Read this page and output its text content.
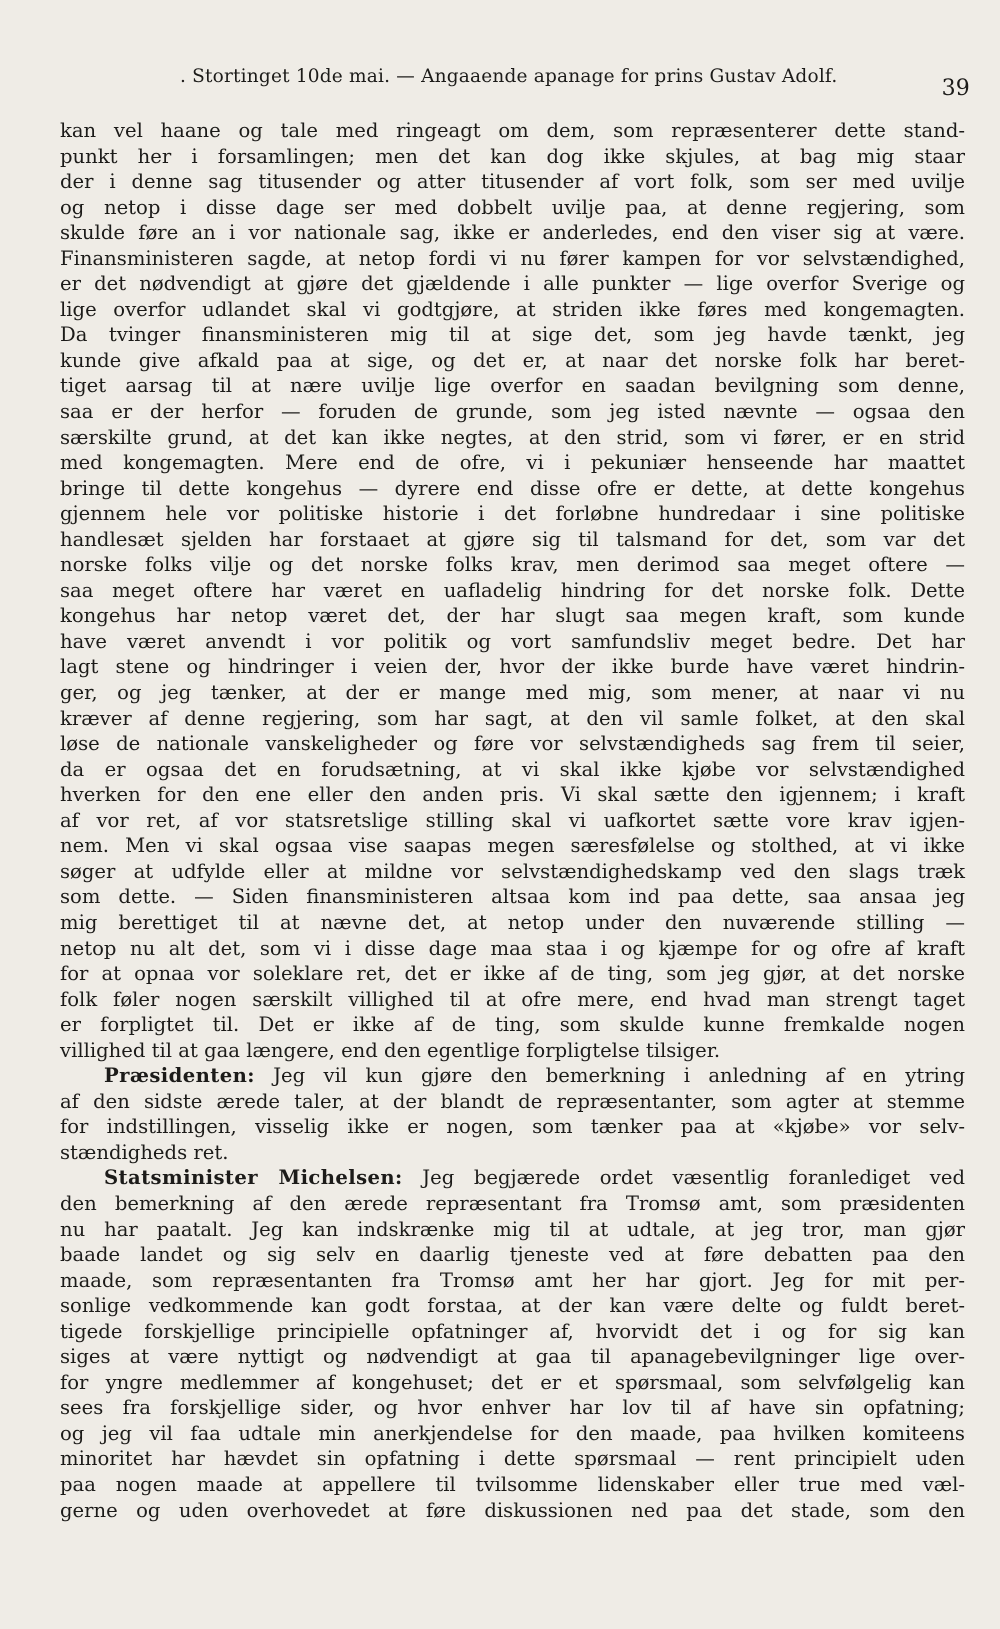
. Stortinget 10de mai. — Angaaende apanage for prins Gustav Adolf.	39
kan vel haane og tale med ringeagt om dem, som repræsenterer dette stand-
punkt her i forsamlingen; men det kan dog ikke skjules, at bag mig staar
der i denne sag titusender og atter titusender af vort folk, som ser med uvilje
og netop i disse dage ser med dobbelt uvilje paa, at denne regjering, som
skulde føre an i vor nationale sag, ikke er anderledes, end den viser sig at være.
Finansministeren sagde, at netop fordi vi nu fører kampen for vor selvstændighed,
er det nødvendigt at gjøre det gjældende i alle punkter — lige overfor Sverige og
lige overfor udlandet skal vi godtgjøre, at striden ikke føres med kongemagten.
Da tvinger finansministeren mig til at sige det, som jeg havde tænkt, jeg
kunde give afkald paa at sige, og det er, at naar det norske folk har beret-
tiget aarsag til at nære uvilje lige overfor en saadan bevilgning som denne,
saa er der herfor — foruden de grunde, som jeg isted nævnte — ogsaa den
særskilte grund, at det kan ikke negtes, at den strid, som vi fører, er en strid
med kongemagten. Mere end de ofre, vi i pekuniær henseende har maattet
bringe til dette kongehus — dyrere end disse ofre er dette, at dette kongehus
gjennem hele vor politiske historie i det forløbne hundredaar i sine politiske
handlesæt sjelden har forstaaet at gjøre sig til talsmand for det, som var det
norske folks vilje og det norske folks krav, men derimod saa meget oftere —
saa meget oftere har været en uafladelig hindring for det norske folk. Dette
kongehus har netop været det, der har slugt saa megen kraft, som kunde
have været anvendt i vor politik og vort samfundsliv meget bedre. Det har
lagt stene og hindringer i veien der, hvor der ikke burde have været hindrin-
ger, og jeg tænker, at der er mange med mig, som mener, at naar vi nu
kræver af denne regjering, som har sagt, at den vil samle folket, at den skal
løse de nationale vanskeligheder og føre vor selvstændigheds sag frem til seier,
da er ogsaa det en forudsætning, at vi skal ikke kjøbe vor selvstændighed
hverken for den ene eller den anden pris. Vi skal sætte den igjennem; i kraft
af vor ret, af vor statsretslige stilling skal vi uafkortet sætte vore krav igjen-
nem. Men vi skal ogsaa vise saapas megen særesfølelse og stolthed, at vi ikke
søger at udfylde eller at mildne vor selvstændighedskamp ved den slags træk
som dette. — Siden finansministeren altsaa kom ind paa dette, saa ansaa jeg
mig berettiget til at nævne det, at netop under den nuværende stilling —
netop nu alt det, som vi i disse dage maa staa i og kjæmpe for og ofre af kraft
for at opnaa vor soleklare ret, det er ikke af de ting, som jeg gjør, at det norske
folk føler nogen særskilt villighed til at ofre mere, end hvad man strengt taget
er forpligtet til. Det er ikke af de ting, som skulde kunne fremkalde nogen
villighed til at gaa længere, end den egentlige forpligtelse tilsiger.
Præsidenten: Jeg vil kun gjøre den bemerkning i anledning af en ytring
af den sidste ærede taler, at der blandt de repræsentanter, som agter at stemme
for indstillingen, visselig ikke er nogen, som tænker paa at «kjøbe» vor selv-
stændigheds ret.
Statsminister Michelsen: Jeg begjærede ordet væsentlig foranlediget ved
den bemerkning af den ærede repræsentant fra Tromsø amt, som præsidenten
nu har paatalt. Jeg kan indskrænke mig til at udtale, at jeg tror, man gjør
baade landet og sig selv en daarlig tjeneste ved at føre debatten paa den
maade, som repræsentanten fra Tromsø amt her har gjort. Jeg for mit per-
sonlige vedkommende kan godt forstaa, at der kan være delte og fuldt beret-
tigede forskjellige principielle opfatninger af, hvorvidt det i og for sig kan
siges at være nyttigt og nødvendigt at gaa til apanagebevilgninger lige over-
for yngre medlemmer af kongehuset; det er et spørsmaal, som selvfølgelig kan
sees fra forskjellige sider, og hvor enhver har lov til af have sin opfatning;
og jeg vil faa udtale min anerkjendelse for den maade, paa hvilken komiteens
minoritet har hævdet sin opfatning i dette spørsmaal — rent principielt uden
paa nogen maade at appellere til tvilsomme lidenskaber eller true med væl-
gerne og uden overhovedet at føre diskussionen ned paa det stade, som den
